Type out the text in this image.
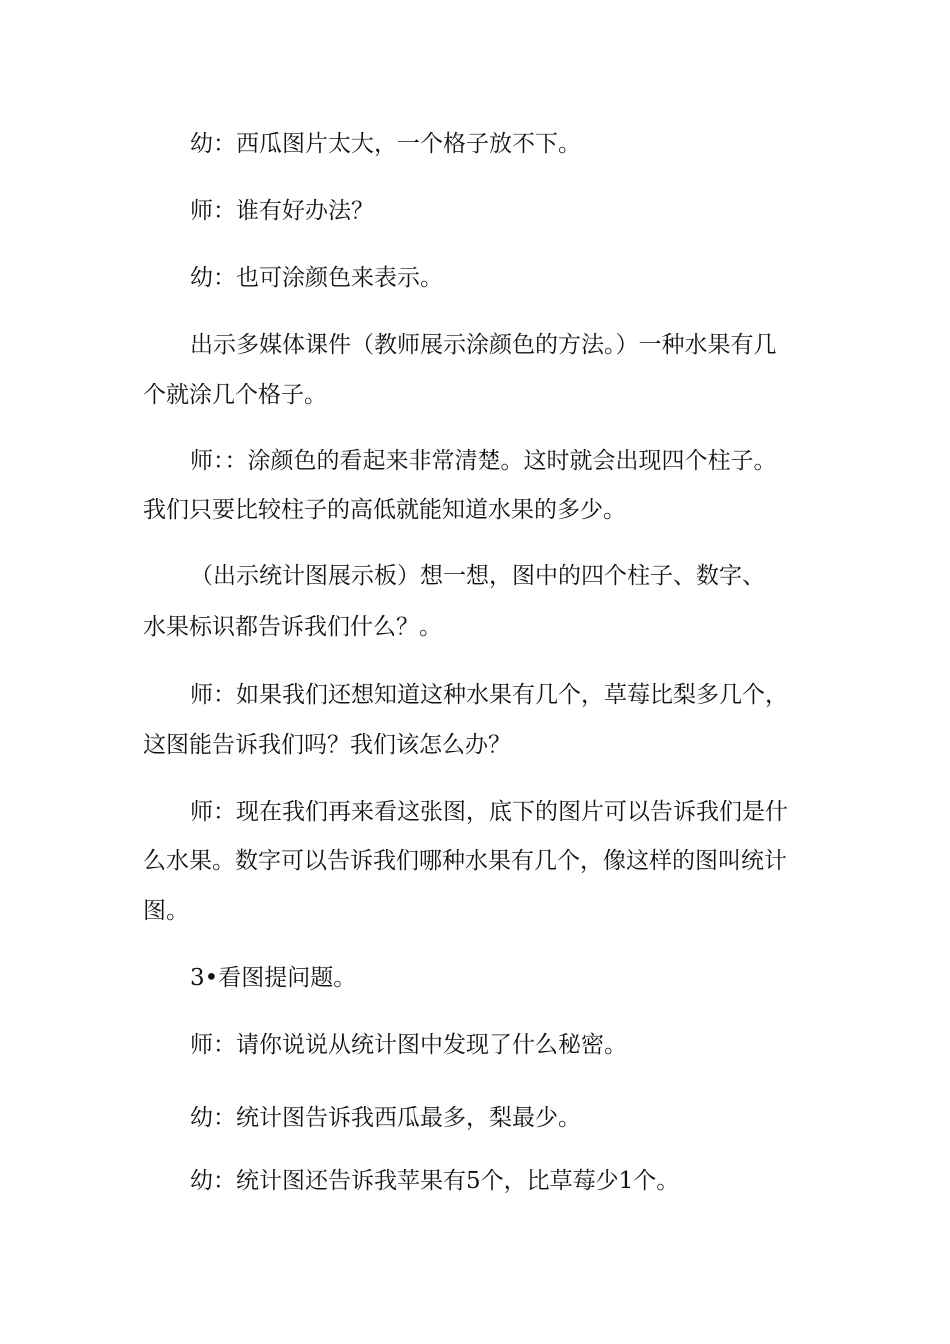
幼：西瓜图片太大，一个格子放不下。
师：谁有好办法？
幼：也可涂颜色来表示。
出示多媒体课件（教师展示涂颜色的方法。）一种水果有几
个就涂几个格子。
师：：涂颜色的看起来非常清楚。这时就会出现四个柱子。
我们只要比较柱子的高低就能知道水果的多少。
（出示统计图展示板）想一想，图中的四个柱子、数字、
水果标识都告诉我们什么？。
师：如果我们还想知道这种水果有几个，草莓比梨多几个，
这图能告诉我们吗？我们该怎么办？
师：现在我们再来看这张图，底下的图片可以告诉我们是什
么水果。数字可以告诉我们哪种水果有几个，像这样的图叫统计
图。
3•看图提问题。
师：请你说说从统计图中发现了什么秘密。
幼：统计图告诉我西瓜最多，梨最少。
幼：统计图还告诉我苹果有5个，比草莓少1个。
